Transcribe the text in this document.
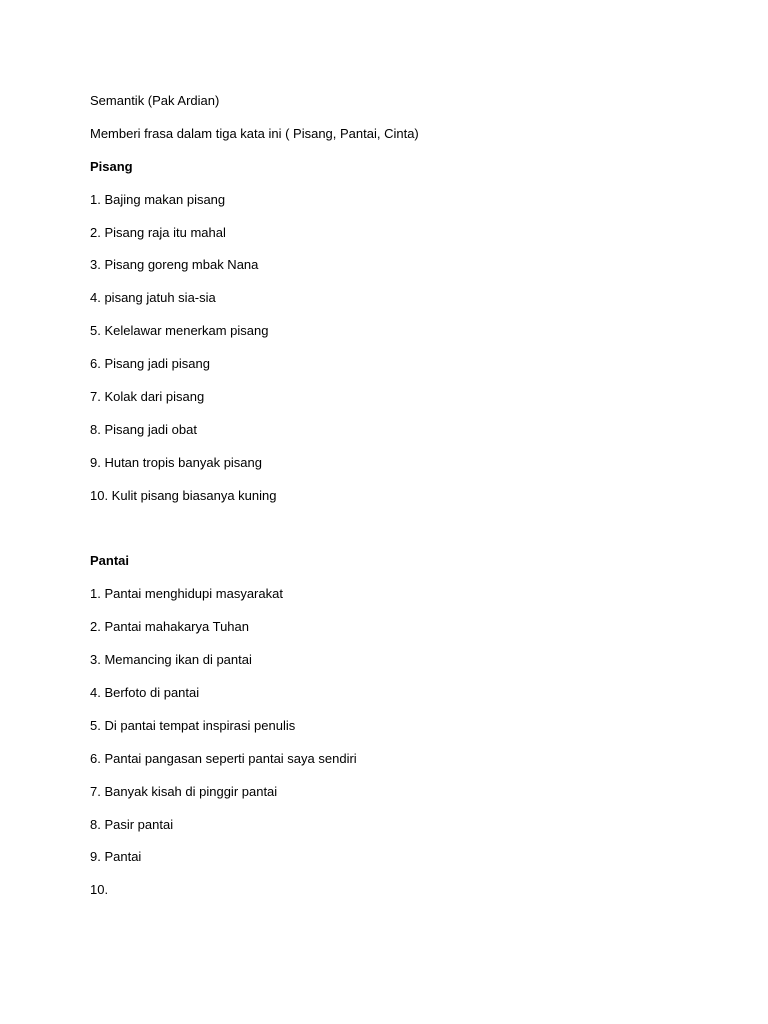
Semantik (Pak Ardian)
Memberi frasa dalam tiga kata ini ( Pisang, Pantai, Cinta)
Pisang
1. Bajing makan pisang
2. Pisang raja itu mahal
3. Pisang goreng mbak Nana
4. pisang jatuh sia-sia
5. Kelelawar menerkam pisang
6. Pisang jadi pisang
7. Kolak dari pisang
8. Pisang jadi obat
9. Hutan tropis banyak pisang
10. Kulit pisang biasanya kuning
Pantai
1. Pantai menghidupi masyarakat
2. Pantai mahakarya Tuhan
3. Memancing ikan di pantai
4. Berfoto di pantai
5. Di pantai tempat inspirasi penulis
6. Pantai pangasan seperti pantai saya sendiri
7. Banyak kisah di pinggir pantai
8. Pasir pantai
9. Pantai
10.
